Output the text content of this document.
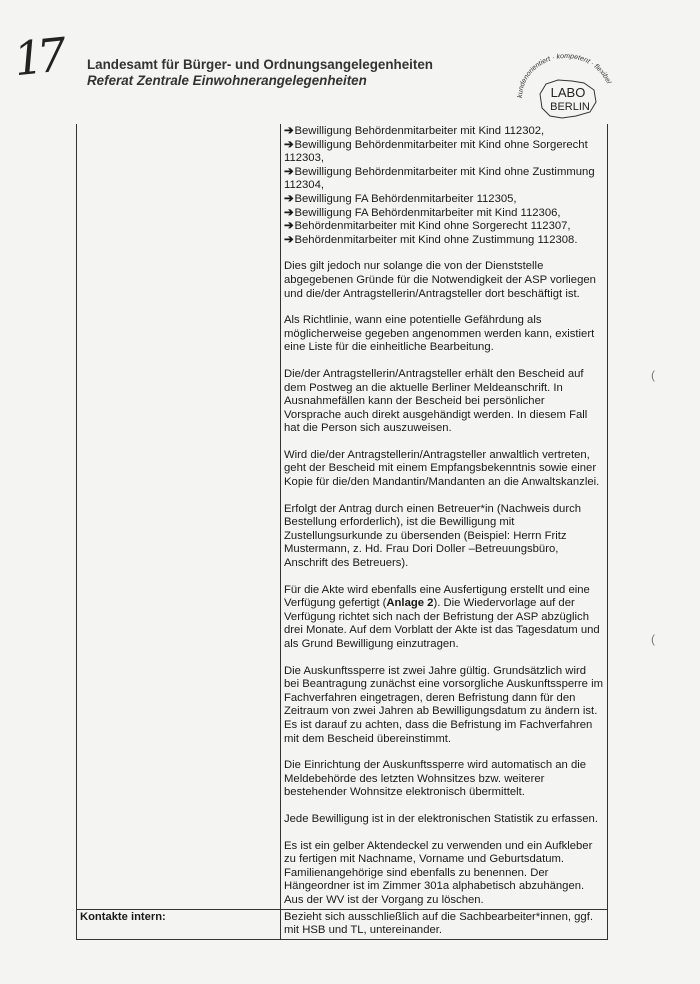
17 Landesamt für Bürger- und Ordnungsangelegenheiten
Referat Zentrale Einwohnerangelegenheiten
kundenorientiert · kompetent · flexibel
LABO
BERLIN
➔Bewilligung Behördenmitarbeiter mit Kind 112302,
➔Bewilligung Behördenmitarbeiter mit Kind ohne Sorgerecht 112303,
➔Bewilligung Behördenmitarbeiter mit Kind ohne Zustimmung 112304,
➔Bewilligung FA Behördenmitarbeiter 112305,
➔Bewilligung FA Behördenmitarbeiter mit Kind 112306,
➔Behördenmitarbeiter mit Kind ohne Sorgerecht 112307,
➔Behördenmitarbeiter mit Kind ohne Zustimmung 112308.

Dies gilt jedoch nur solange die von der Dienststelle abgegebenen Gründe für die Notwendigkeit der ASP vorliegen und die/der Antragstellerin/Antragsteller dort beschäftigt ist.

Als Richtlinie, wann eine potentielle Gefährdung als möglicherweise gegeben angenommen werden kann, existiert eine Liste für die einheitliche Bearbeitung.

Die/der Antragstellerin/Antragsteller erhält den Bescheid auf dem Postweg an die aktuelle Berliner Meldeanschrift. In Ausnahmefällen kann der Bescheid bei persönlicher Vorsprache auch direkt ausgehändigt werden. In diesem Fall hat die Person sich auszuweisen.

Wird die/der Antragstellerin/Antragsteller anwaltlich vertreten, geht der Bescheid mit einem Empfangsbekenntnis sowie einer Kopie für die/den Mandantin/Mandanten an die Anwaltskanzlei.

Erfolgt der Antrag durch einen Betreuer*in (Nachweis durch Bestellung erforderlich), ist die Bewilligung mit Zustellungsurkunde zu übersenden (Beispiel: Herrn Fritz Mustermann, z. Hd. Frau Dori Doller –Betreuungsbüro, Anschrift des Betreuers).

Für die Akte wird ebenfalls eine Ausfertigung erstellt und eine Verfügung gefertigt (Anlage 2). Die Wiedervorlage auf der Verfügung richtet sich nach der Befristung der ASP abzüglich drei Monate. Auf dem Vorblatt der Akte ist das Tagesdatum und als Grund Bewilligung einzutragen.

Die Auskunftssperre ist zwei Jahre gültig. Grundsätzlich wird bei Beantragung zunächst eine vorsorgliche Auskunftssperre im Fachverfahren eingetragen, deren Befristung dann für den Zeitraum von zwei Jahren ab Bewilligungsdatum zu ändern ist. Es ist darauf zu achten, dass die Befristung im Fachverfahren mit dem Bescheid übereinstimmt.

Die Einrichtung der Auskunftssperre wird automatisch an die Meldebehörde des letzten Wohnsitzes bzw. weiterer bestehender Wohnsitze elektronisch übermittelt.

Jede Bewilligung ist in der elektronischen Statistik zu erfassen.

Es ist ein gelber Aktendeckel zu verwenden und ein Aufkleber zu fertigen mit Nachname, Vorname und Geburtsdatum. Familienangehörige sind ebenfalls zu benennen. Der Hängeordner ist im Zimmer 301a alphabetisch abzuhängen. Aus der WV ist der Vorgang zu löschen.

Kontakte intern:	Bezieht sich ausschließlich auf die Sachbearbeiter*innen, ggf. mit HSB und TL, untereinander.
(
(
